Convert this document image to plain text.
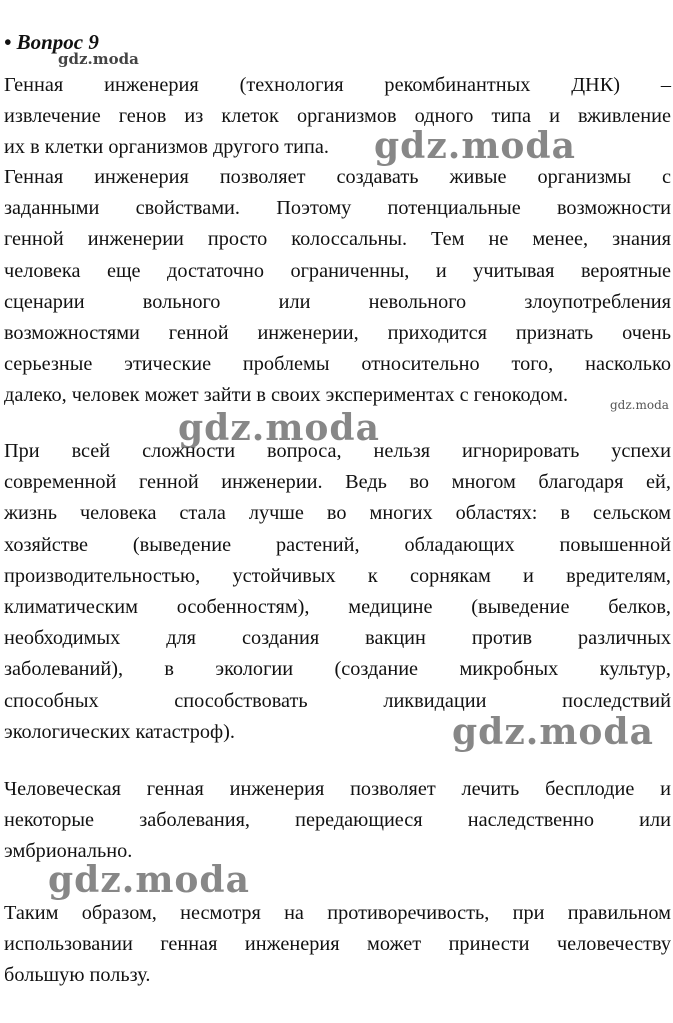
• Вопрос 9
gdz.moda
Генная инженерия (технология рекомбинантных ДНК) –
извлечение генов из клеток организмов одного типа и вживление
их в клетки организмов другого типа.	gdz.moda
Генная инженерия позволяет создавать живые организмы с
заданными свойствами. Поэтому потенциальные возможности
генной инженерии просто колоссальны. Тем не менее, знания
человека еще достаточно ограниченны, и учитывая вероятные
сценарии вольного или невольного злоупотребления
возможностями генной инженерии, приходится признать очень
серьезные этические проблемы относительно того, насколько
далеко, человек может зайти в своих экспериментах с генокодом.	gdz.moda
gdz.moda
При всей сложности вопроса, нельзя игнорировать успехи
современной генной инженерии. Ведь во многом благодаря ей,
жизнь человека стала лучше во многих областях: в сельском
хозяйстве (выведение растений, обладающих повышенной
производительностью, устойчивых к сорнякам и вредителям,
климатическим особенностям), медицине (выведение белков,
необходимых для создания вакцин против различных
заболеваний), в экологии (создание микробных культур,
способных способствовать ликвидации последствий
экологических катастроф).	gdz.moda
Человеческая генная инженерия позволяет лечить бесплодие и
некоторые заболевания, передающиеся наследственно или
эмбрионально.
gdz.moda
Таким образом, несмотря на противоречивость, при правильном
использовании генная инженерия может принести человечеству
большую пользу.
